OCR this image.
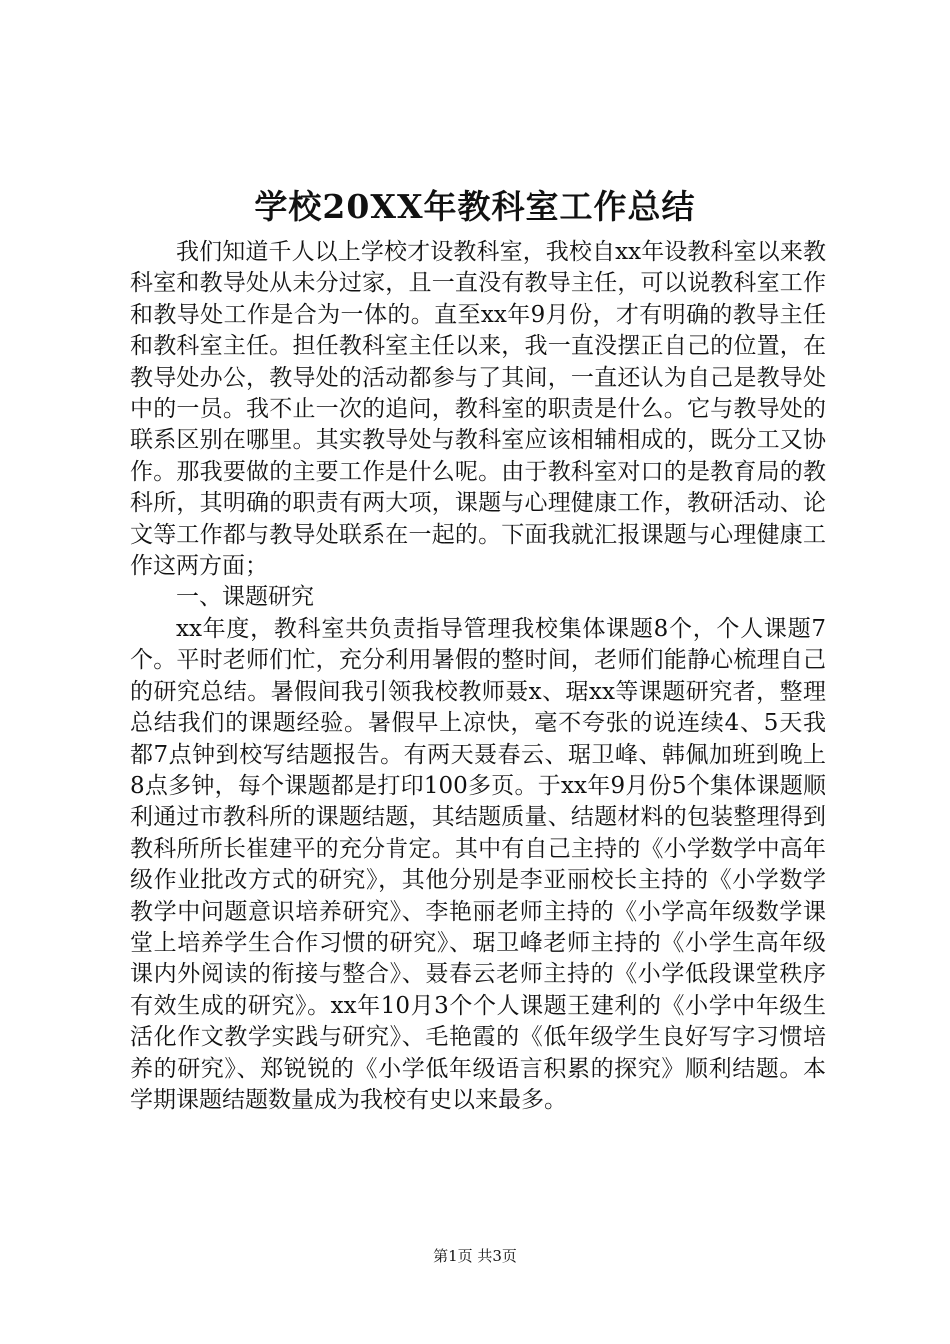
学校20XX年教科室工作总结

我们知道千人以上学校才设教科室，我校自xx年设教科室以来教科室和教导处从未分过家，且一直没有教导主任，可以说教科室工作和教导处工作是合为一体的。直至xx年9月份，才有明确的教导主任和教科室主任。担任教科室主任以来，我一直没摆正自己的位置，在教导处办公，教导处的活动都参与了其间，一直还认为自己是教导处中的一员。我不止一次的追问，教科室的职责是什么。它与教导处的联系区别在哪里。其实教导处与教科室应该相辅相成的，既分工又协作。那我要做的主要工作是什么呢。由于教科室对口的是教育局的教科所，其明确的职责有两大项，课题与心理健康工作，教研活动、论文等工作都与教导处联系在一起的。下面我就汇报课题与心理健康工作这两方面；

一、课题研究

xx年度，教科室共负责指导管理我校集体课题8个，个人课题7个。平时老师们忙，充分利用暑假的整时间，老师们能静心梳理自己的研究总结。暑假间我引领我校教师聂x、琚xx等课题研究者，整理总结我们的课题经验。暑假早上凉快，毫不夸张的说连续4、5天我都7点钟到校写结题报告。有两天聂春云、琚卫峰、韩佩加班到晚上8点多钟，每个课题都是打印100多页。于xx年9月份5个集体课题顺利通过市教科所的课题结题，其结题质量、结题材料的包装整理得到教科所所长崔建平的充分肯定。其中有自己主持的《小学数学中高年级作业批改方式的研究》，其他分别是李亚丽校长主持的《小学数学教学中问题意识培养研究》、李艳丽老师主持的《小学高年级数学课堂上培养学生合作习惯的研究》、琚卫峰老师主持的《小学生高年级课内外阅读的衔接与整合》、聂春云老师主持的《小学低段课堂秩序有效生成的研究》。xx年10月3个个人课题王建利的《小学中年级生活化作文教学实践与研究》、毛艳霞的《低年级学生良好写字习惯培养的研究》、郑锐锐的《小学低年级语言积累的探究》顺利结题。本学期课题结题数量成为我校有史以来最多。

第1页 共3页
